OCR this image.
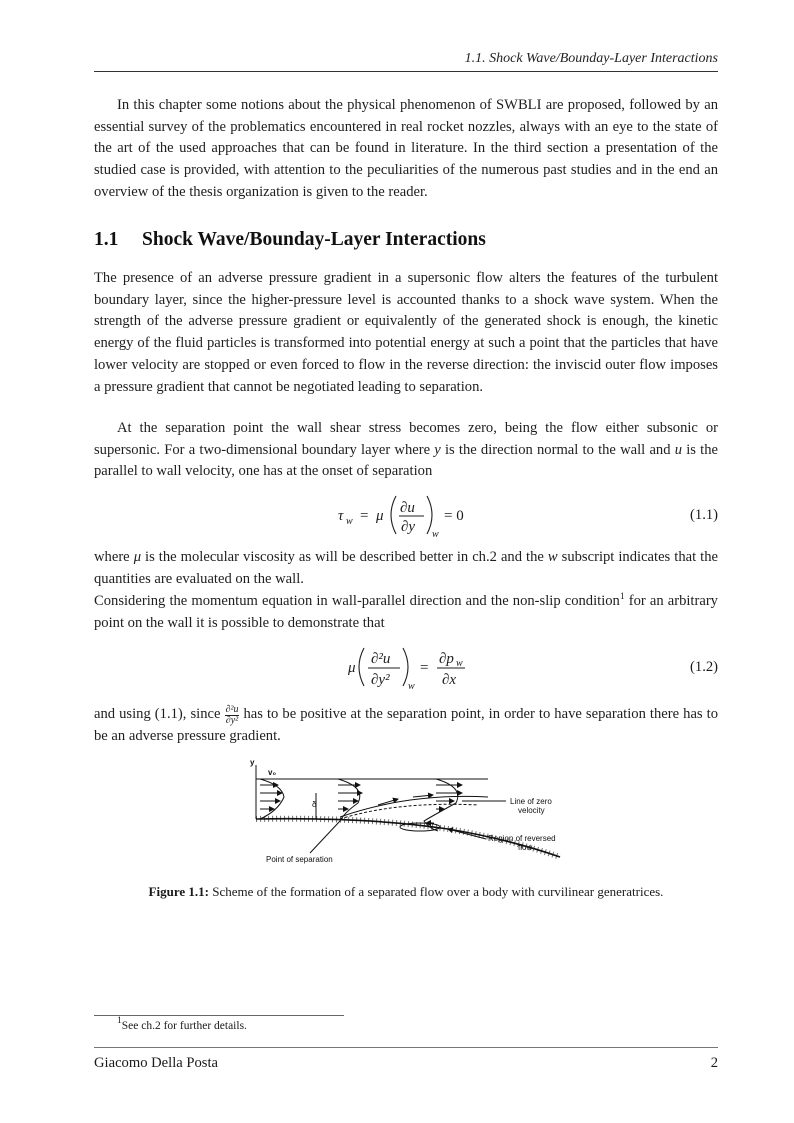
1.1. Shock Wave/Bounday-Layer Interactions

In this chapter some notions about the physical phenomenon of SWBLI are proposed, followed by an essential survey of the problematics encountered in real rocket nozzles, always with an eye to the state of the art of the used approaches that can be found in literature. In the third section a presentation of the studied case is provided, with attention to the peculiarities of the numerous past studies and in the end an overview of the thesis organization is given to the reader.

1.1 Shock Wave/Bounday-Layer Interactions

The presence of an adverse pressure gradient in a supersonic flow alters the features of the turbulent boundary layer, since the higher-pressure level is accounted thanks to a shock wave system. When the strength of the adverse pressure gradient or equivalently of the generated shock is enough, the kinetic energy of the fluid particles is transformed into potential energy at such a point that the particles that have lower velocity are stopped or even forced to flow in the reverse direction: the inviscid outer flow imposes a pressure gradient that cannot be negotiated leading to separation.

At the separation point the wall shear stress becomes zero, being the flow either subsonic or supersonic. For a two-dimensional boundary layer where y is the direction normal to the wall and u is the parallel to wall velocity, one has at the onset of separation

τ w = μ ∂u
∂y w
= 0	(1.1)

where μ is the molecular viscosity as will be described better in ch.2 and the w subscript indicates that the quantities are evaluated on the wall.

Considering the momentum equation in wall-parallel direction and the non-slip condition$^1$ for an arbitrary point on the wall it is possible to demonstrate that

μ
∂²u
∂y² w
=
∂p w
∂x
(1.2)

and using (1.1), since $\frac{\text{∂²u}}{\text{∂y²}}$ has to be positive at the separation point, in order to have separation there has to be an adverse pressure gradient.

y
v₀
δ	Line of zero
velocity
Region of reversed
flow
Point of separation
Figure 1.1: Scheme of the formation of a separated flow over a body with curvilinear generatrices.
$^1$See ch.2 for further details.
Giacomo Della Posta	2
